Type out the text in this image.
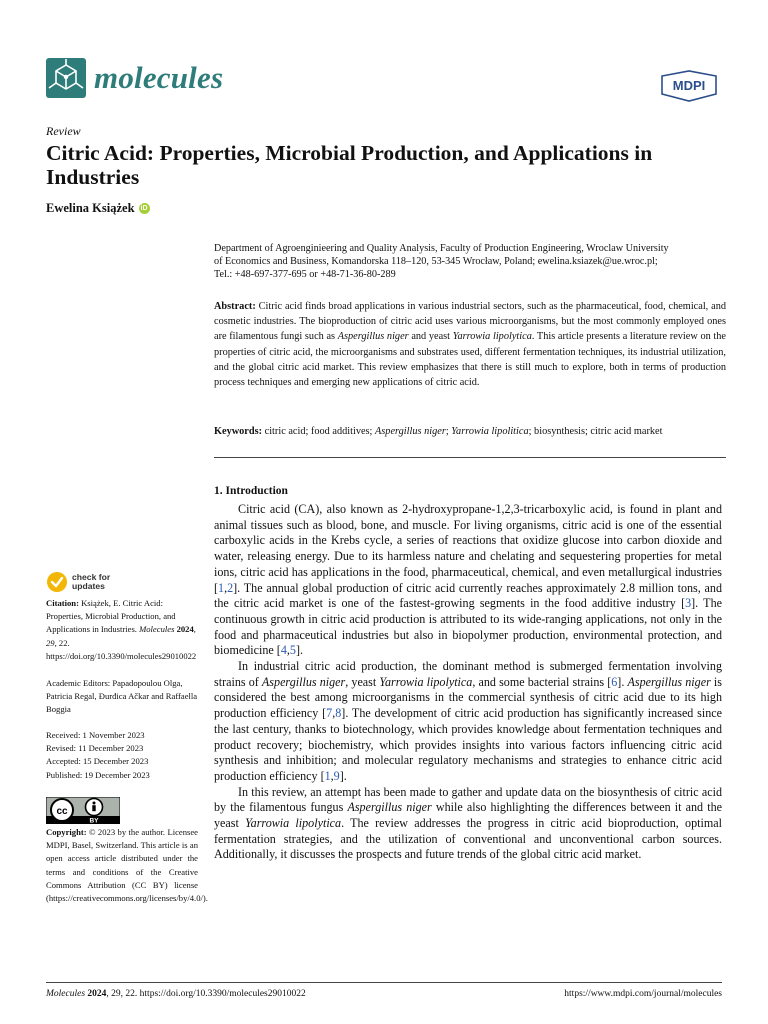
molecules	MDPI
Review
Citric Acid: Properties, Microbial Production, and Applications in Industries
Ewelina Książek iD
Department of Agroenginieering and Quality Analysis, Faculty of Production Engineering, Wroclaw University
of Economics and Business, Komandorska 118–120, 53-345 Wrocław, Poland; ewelina.ksiazek@ue.wroc.pl;
Tel.: +48-697-377-695 or +48-71-36-80-289

Abstract: Citric acid finds broad applications in various industrial sectors, such as the pharmaceutical, food, chemical, and cosmetic industries. The bioproduction of citric acid uses various microorganisms, but the most commonly employed ones are filamentous fungi such as Aspergillus niger and yeast Yarrowia lipolytica. This article presents a literature review on the properties of citric acid, the microorganisms and substrates used, different fermentation techniques, its industrial utilization, and the global citric acid market. This review emphasizes that there is still much to explore, both in terms of production process techniques and emerging new applications of citric acid.

Keywords: citric acid; food additives; Aspergillus niger; Yarrowia lipolitica; biosynthesis; citric acid market
1. Introduction

Citric acid (CA), also known as 2-hydroxypropane-1,2,3-tricarboxylic acid, is found in plant and animal tissues such as blood, bone, and muscle. For living organisms, citric acid is one of the essential carboxylic acids in the Krebs cycle, a series of reactions that oxidize glucose into carbon dioxide and water, releasing energy. Due to its harmless nature and chelating and sequestering properties for metal ions, citric acid has applications in the food, pharmaceutical, chemical, and even metallurgical industries [1,2]. The annual global production of citric acid currently reaches approximately 2.8 million tons, and the citric acid market is one of the fastest-growing segments in the food additive industry [3]. The continuous growth in citric acid production is attributed to its wide-ranging applications, not only in the food and pharmaceutical industries but also in biopolymer production, environmental protection, and biomedicine [4,5].

In industrial citric acid production, the dominant method is submerged fermentation involving strains of Aspergillus niger, yeast Yarrowia lipolytica, and some bacterial strains [6]. Aspergillus niger is considered the best among microorganisms in the commercial synthesis of citric acid due to its high production efficiency [7,8]. The development of citric acid production has significantly increased since the last century, thanks to biotechnology, which provides knowledge about fermentation techniques and product recovery; biochemistry, which provides insights into various factors influencing citric acid synthesis and inhibition; and molecular regulatory mechanisms and strategies to enhance citric acid production efficiency [1,9].

In this review, an attempt has been made to gather and update data on the biosynthesis of citric acid by the filamentous fungus Aspergillus niger while also highlighting the differences between it and the yeast Yarrowia lipolytica. The review addresses the progress in citric acid bioproduction, optimal fermentation strategies, and the utilization of conventional and unconventional carbon sources. Additionally, it discusses the prospects and future trends of the global citric acid market.

check for
updates
Citation: Książek, E. Citric Acid: Properties, Microbial Production, and Applications in Industries. Molecules 2024, 29, 22. https://doi.org/10.3390/molecules29010022
Academic Editors: Papadopoulou Olga, Patricia Regal, Ðurđica Ačkar and Raffaella Boggia
Received: 1 November 2023
Revised: 11 December 2023
Accepted: 15 December 2023
Published: 19 December 2023
cc
BY
Copyright: © 2023 by the author. Licensee MDPI, Basel, Switzerland. This article is an open access article distributed under the terms and conditions of the Creative Commons Attribution (CC BY) license (https://creativecommons.org/licenses/by/4.0/).
Molecules 2024, 29, 22. https://doi.org/10.3390/molecules29010022	https://www.mdpi.com/journal/molecules
